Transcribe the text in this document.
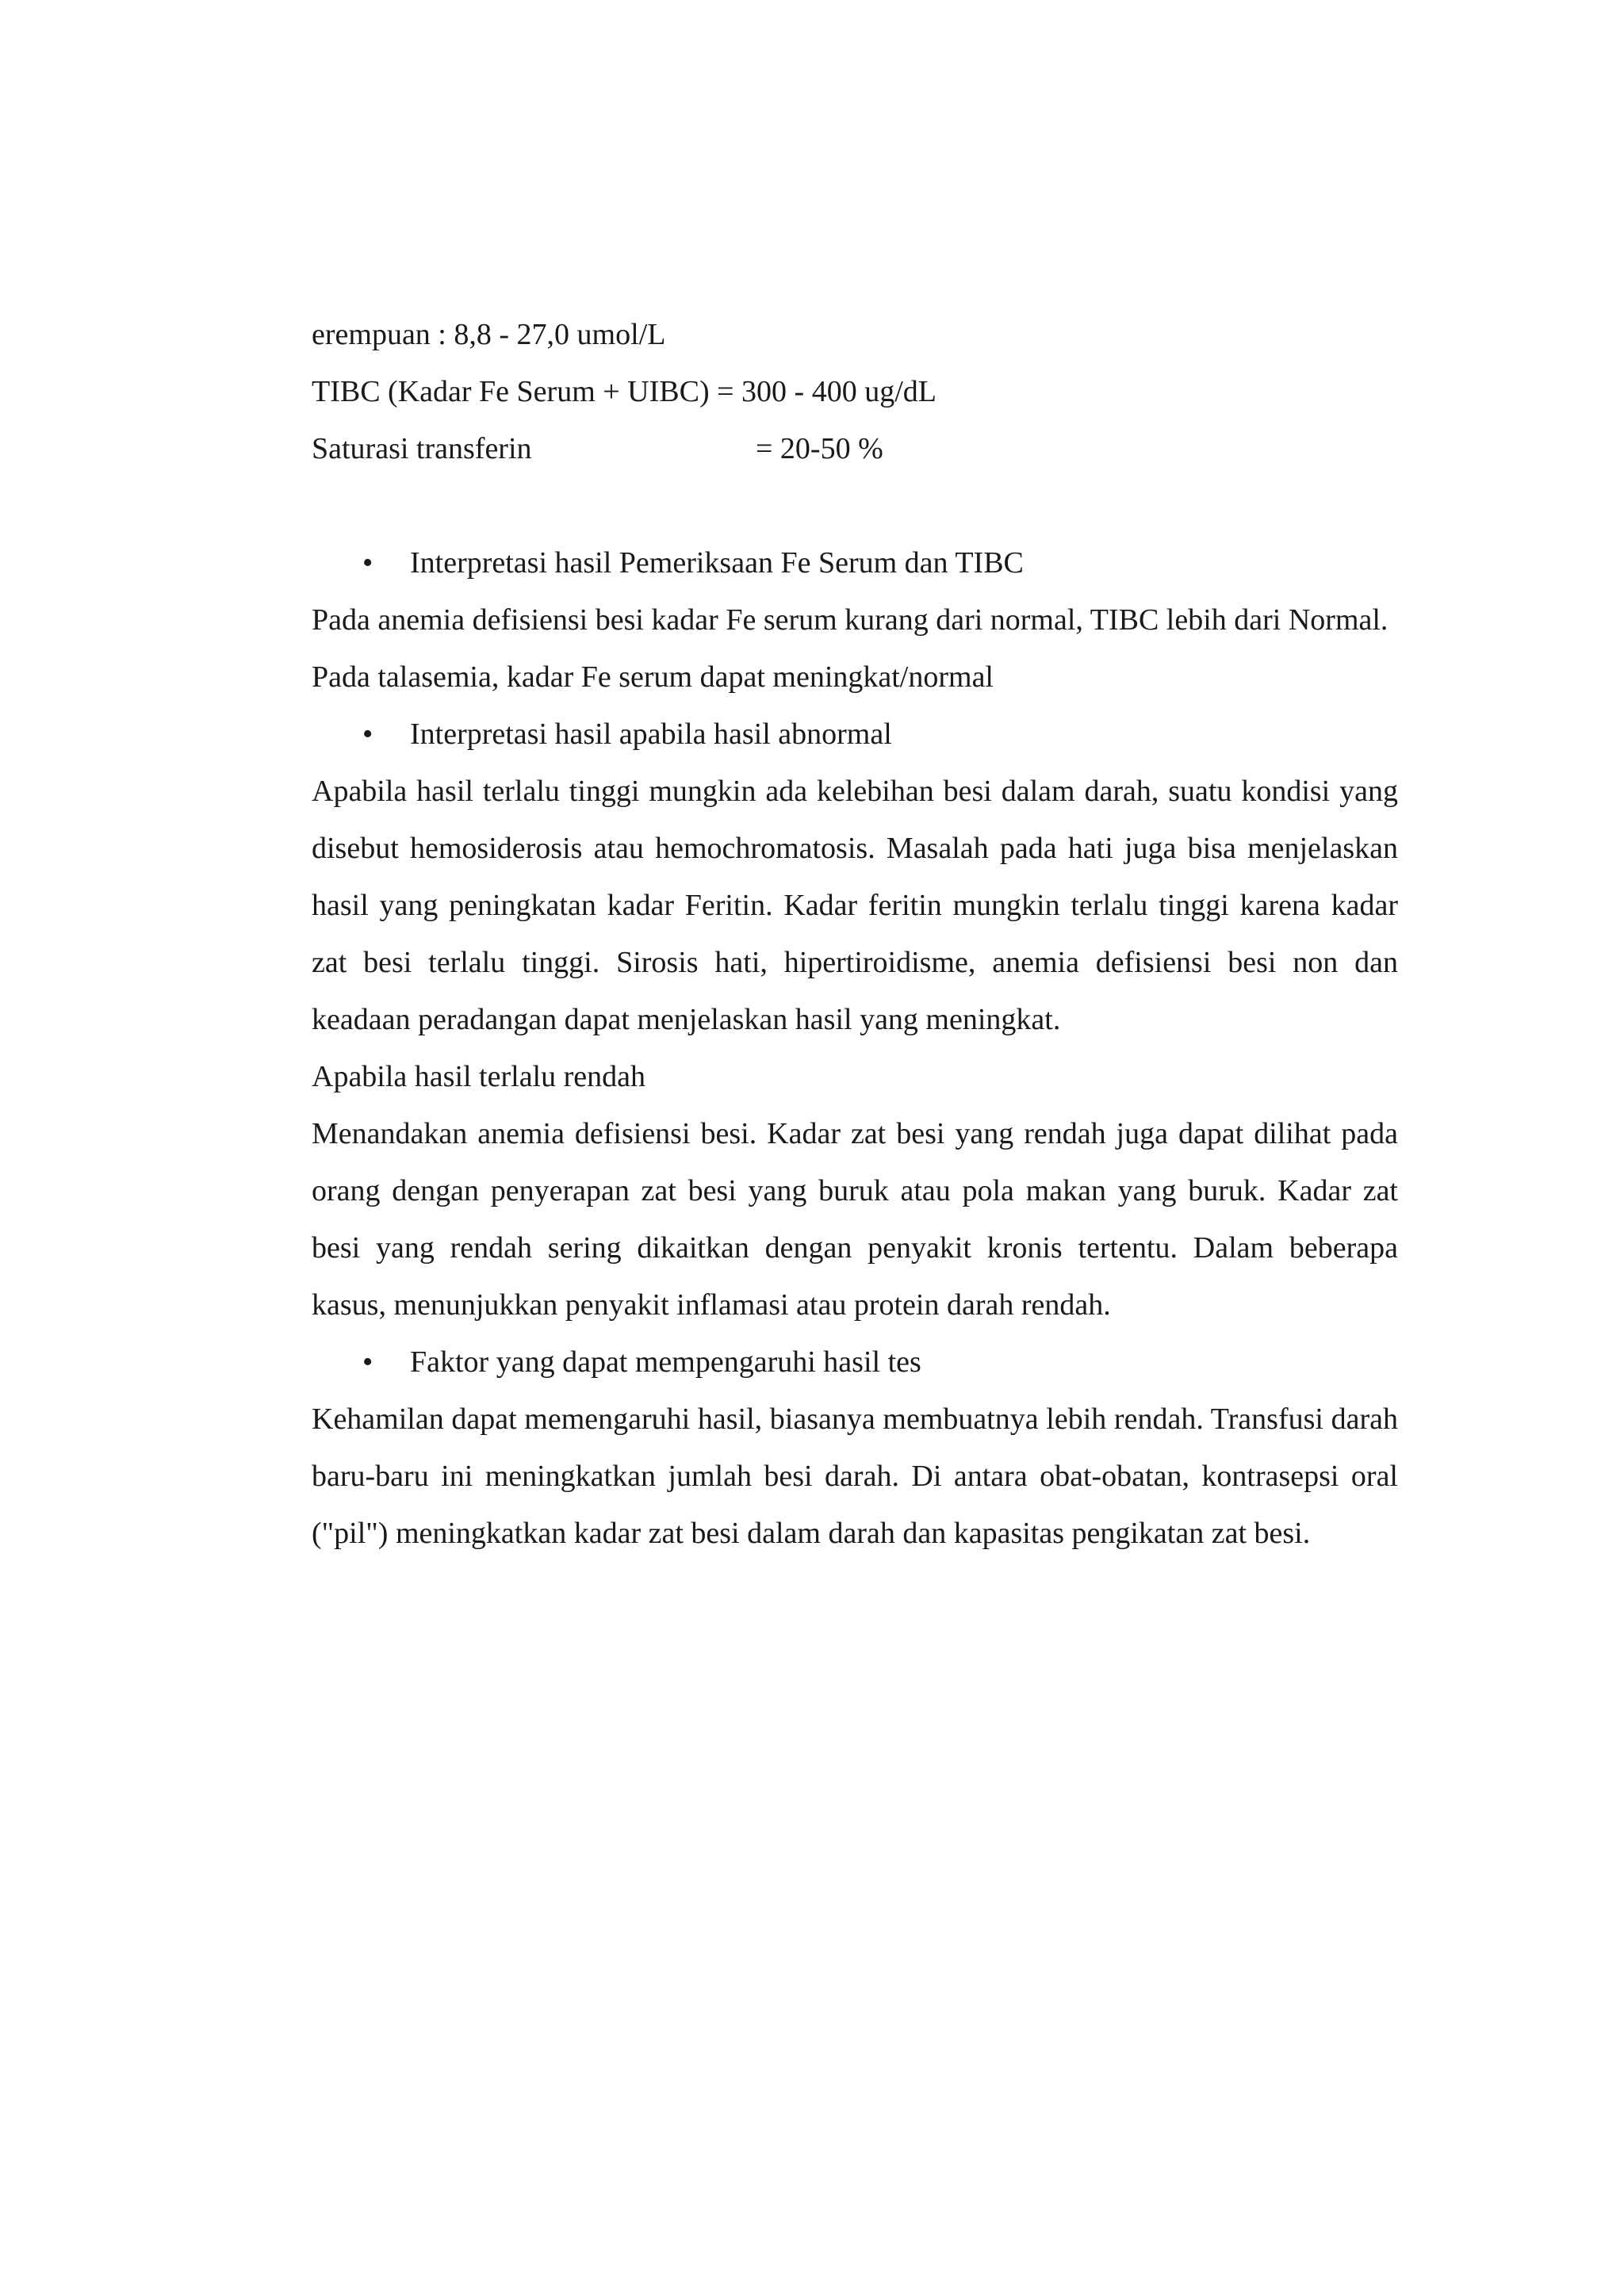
erempuan : 8,8 - 27,0 umol/L

TIBC (Kadar Fe Serum + UIBC) = 300 - 400 ug/dL

Saturasi transferin	= 20-50 %
•	Interpretasi hasil Pemeriksaan Fe Serum dan TIBC

Pada anemia defisiensi besi kadar Fe serum kurang dari normal, TIBC lebih dari Normal.

Pada talasemia, kadar Fe serum dapat meningkat/normal

•	Interpretasi hasil apabila hasil abnormal

Apabila hasil terlalu tinggi mungkin ada kelebihan besi dalam darah, suatu kondisi yang disebut hemosiderosis atau hemochromatosis. Masalah pada hati juga bisa menjelaskan hasil yang peningkatan kadar Feritin. Kadar feritin mungkin terlalu tinggi karena kadar zat besi terlalu tinggi. Sirosis hati, hipertiroidisme, anemia defisiensi besi non dan keadaan peradangan dapat menjelaskan hasil yang meningkat.

Apabila hasil terlalu rendah

Menandakan anemia defisiensi besi. Kadar zat besi yang rendah juga dapat dilihat pada orang dengan penyerapan zat besi yang buruk atau pola makan yang buruk. Kadar zat besi yang rendah sering dikaitkan dengan penyakit kronis tertentu. Dalam beberapa kasus, menunjukkan penyakit inflamasi atau protein darah rendah.

•	Faktor yang dapat mempengaruhi hasil tes

Kehamilan dapat memengaruhi hasil, biasanya membuatnya lebih rendah. Transfusi darah baru-baru ini meningkatkan jumlah besi darah. Di antara obat-obatan, kontrasepsi oral ("pil") meningkatkan kadar zat besi dalam darah dan kapasitas pengikatan zat besi.
